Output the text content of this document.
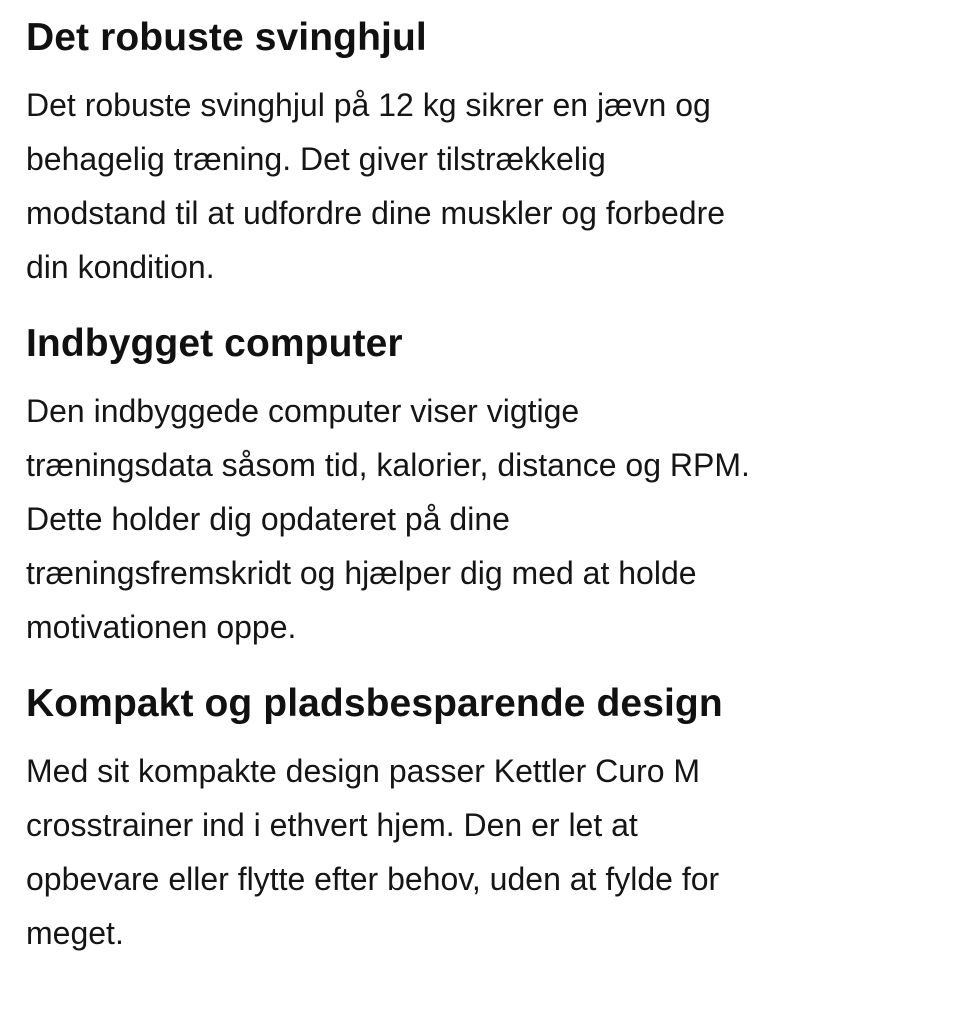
Det robuste svinghjul

Det robuste svinghjul på 12 kg sikrer en jævn og
behagelig træning. Det giver tilstrækkelig
modstand til at udfordre dine muskler og forbedre
din kondition.

Indbygget computer

Den indbyggede computer viser vigtige
træningsdata såsom tid, kalorier, distance og RPM.
Dette holder dig opdateret på dine
træningsfremskridt og hjælper dig med at holde
motivationen oppe.

Kompakt og pladsbesparende design

Med sit kompakte design passer Kettler Curo M
crosstrainer ind i ethvert hjem. Den er let at
opbevare eller flytte efter behov, uden at fylde for
meget.
